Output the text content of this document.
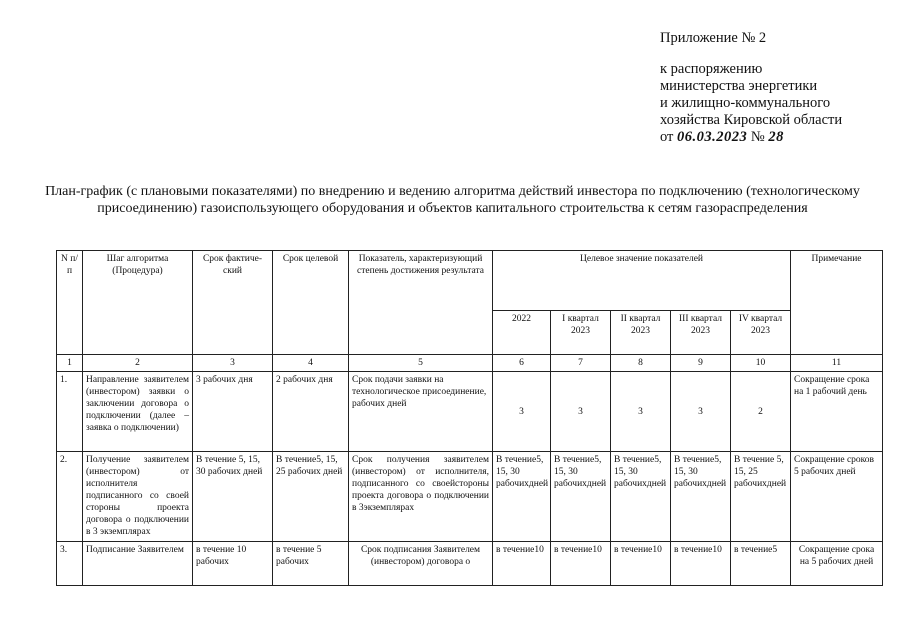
Приложение № 2
к распоряжению
министерства энергетики
и жилищно-коммунального
хозяйства Кировской области
от 06.03.2023 № 28
План-график (с плановыми показателями) по внедрению и ведению алгоритма действий инвестора по подключению (технологическому присоединению) газоиспользующего оборудования и объектов капитального строительства к сетям газораспределения
N п/ п	Шаг алгоритма (Процедура)	Срок фактиче-ский	Срок целевой	Показатель, характеризующий степень достижения результата	Целевое значение показателей					Примечание
					2022	I квартал 2023	II квартал 2023	III квартал 2023	IV квартал 2023	
1	2	3	4	5	6	7	8	9	10	11
1.	Направление заявителем (инвестором) заявки о заключении договора о подключении (далее – заявка о подключении)	3 рабочих дня	2 рабочих дня	Срок подачи заявки на технологическое присоединение, рабочих дней	3	3	3	3	2	Сокращение срока на 1 рабочий день
2.	Получение заявителем (инвестором) от исполнителя подписанного со своей стороны проекта договора о подключении в 3 экземплярах	В течение 5, 15, 30 рабочих дней	В течение5, 15, 25 рабочих дней	Срок получения заявителем (инвестором) от исполнителя, подписанного со своейстороны проекта договора о подключении в 3экземплярах	В течение5, 15, 30 рабочихдней	В течение5, 15, 30 рабочихдней	В течение5, 15, 30 рабочихдней	В течение5, 15, 30 рабочихдней	В течение 5, 15, 25 рабочихдней	Сокращение сроков 5 рабочих дней
3.	Подписание Заявителем	в течение 10 рабочих	в течение 5 рабочих	Срок подписания Заявителем (инвестором) договора о	в течение10	в течение10	в течение10	в течение10	в течение5	Сокращение срока на 5 рабочих дней
